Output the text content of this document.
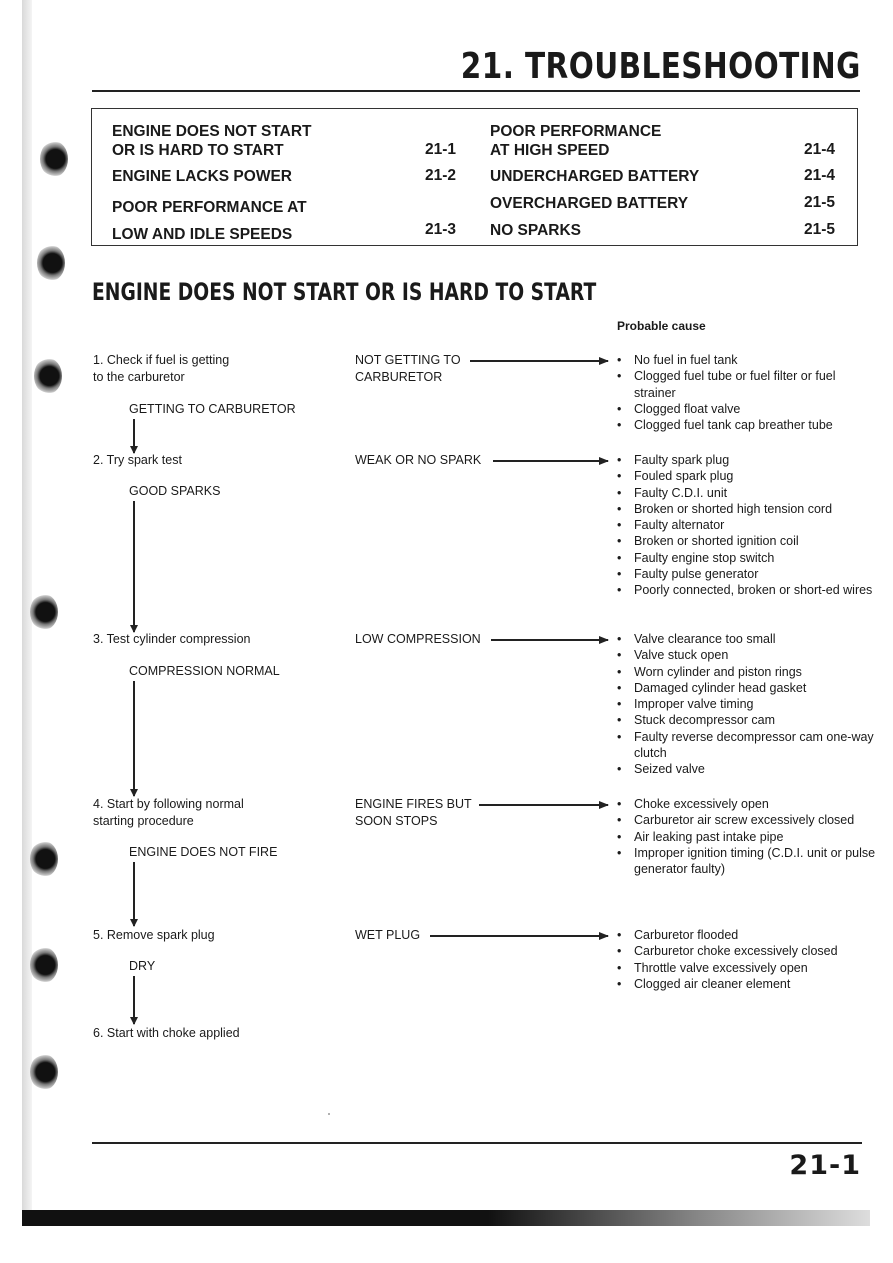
21. TROUBLESHOOTING
ENGINE DOES NOT START
OR IS HARD TO START	21-1
ENGINE LACKS POWER	21-2
POOR PERFORMANCE AT
LOW AND IDLE SPEEDS	21-3
POOR PERFORMANCE
AT HIGH SPEED	21-4
UNDERCHARGED BATTERY	21-4
OVERCHARGED BATTERY	21-5
NO SPARKS	21-5
ENGINE DOES NOT START OR IS HARD TO START
Probable cause
1. Check if fuel is getting
to the carburetor
NOT GETTING TO
CARBURETOR
• No fuel in fuel tank
• Clogged fuel tube or fuel filter or fuel strainer
• Clogged float valve
• Clogged fuel tank cap breather tube
GETTING TO CARBURETOR
2. Try spark test	WEAK OR NO SPARK	• Faulty spark plug
• Fouled spark plug
• Faulty C.D.I. unit
• Broken or shorted high tension cord
• Faulty alternator
• Broken or shorted ignition coil
• Faulty engine stop switch
• Faulty pulse generator
• Poorly connected, broken or short-ed wires
GOOD SPARKS
3. Test cylinder compression	LOW COMPRESSION	• Valve clearance too small
• Valve stuck open
• Worn cylinder and piston rings
• Damaged cylinder head gasket
• Improper valve timing
• Stuck decompressor cam
• Faulty reverse decompressor cam one-way clutch
• Seized valve
COMPRESSION NORMAL
4. Start by following normal
starting procedure
ENGINE FIRES BUT
SOON STOPS
• Choke excessively open
• Carburetor air screw excessively closed
• Air leaking past intake pipe
• Improper ignition timing (C.D.I. unit or pulse generator faulty)
ENGINE DOES NOT FIRE
5. Remove spark plug	WET PLUG	• Carburetor flooded
• Carburetor choke excessively closed
• Throttle valve excessively open
• Clogged air cleaner element
DRY
6. Start with choke applied
21-1
